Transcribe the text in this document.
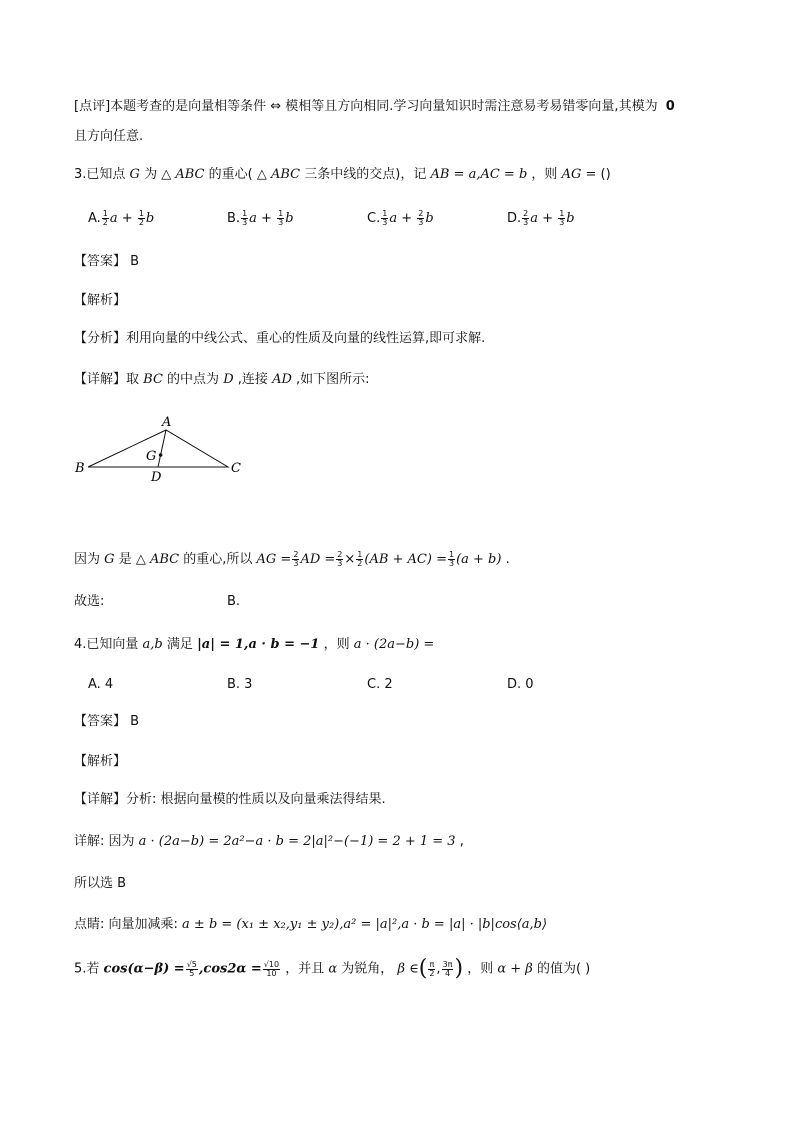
[点评]本题考查的是向量相等条件 ⇔ 模相等且方向相同.学习向量知识时需注意易考易错零向量,其模为 0
且方向任意.
3.已知点 G 为 △ ABC 的重心( △ ABC 三条中线的交点)，记 AB = a,AC = b ，则 AG = ()
A. $\frac{1}{2}$ $a + \frac{1}{2}$ b	B. $\frac{1}{3}$ $a + \frac{1}{3}$ b	C. $\frac{1}{3}$ $a + \frac{2}{3}$ b	D. $\frac{2}{3}$ $a + \frac{1}{3}$ b
【答案】 B
【解析】
【分析】利用向量的中线公式、重心的性质及向量的线性运算,即可求解.
【详解】取 BC 的中点为 D ,连接 AD ,如下图所示:
A
B	C
D
G
因为 G 是 △ ABC 的重心,所以 AG = $\frac{2}{3}$ AD = $\frac{2}{3} \times \frac{1}{2} (AB + AC) = \frac{1}{3} (a + b)$ .
故选:	B.
4.已知向量 a,b 满足 |a| = 1,a · b = −1 ，则 a · (2a−b) =
A. 4	B. 3	C. 2	D. 0
【答案】 B
【解析】
【详解】分析: 根据向量模的性质以及向量乘法得结果.
详解: 因为 a · (2a−b) = 2a²−a · b = 2|a|²−(−1) = 2 + 1 = 3 ,
所以选 B
点睛: 向量加减乘: a ± b = (x₁ ± x₂,y₁ ± y₂),a² = |a|²,a · b = |a| · |b|cos⟨a,b⟩
5.若 $\cos(\alpha-\beta) = \frac{√5}{5} ,\cos 2\alpha = \frac{√10}{10}$ ，并且 α 为锐角， β ∈( $\frac{\pi}{2}$ , $\frac{3\pi}{4}$ ) ，则 α + β 的值为( )
